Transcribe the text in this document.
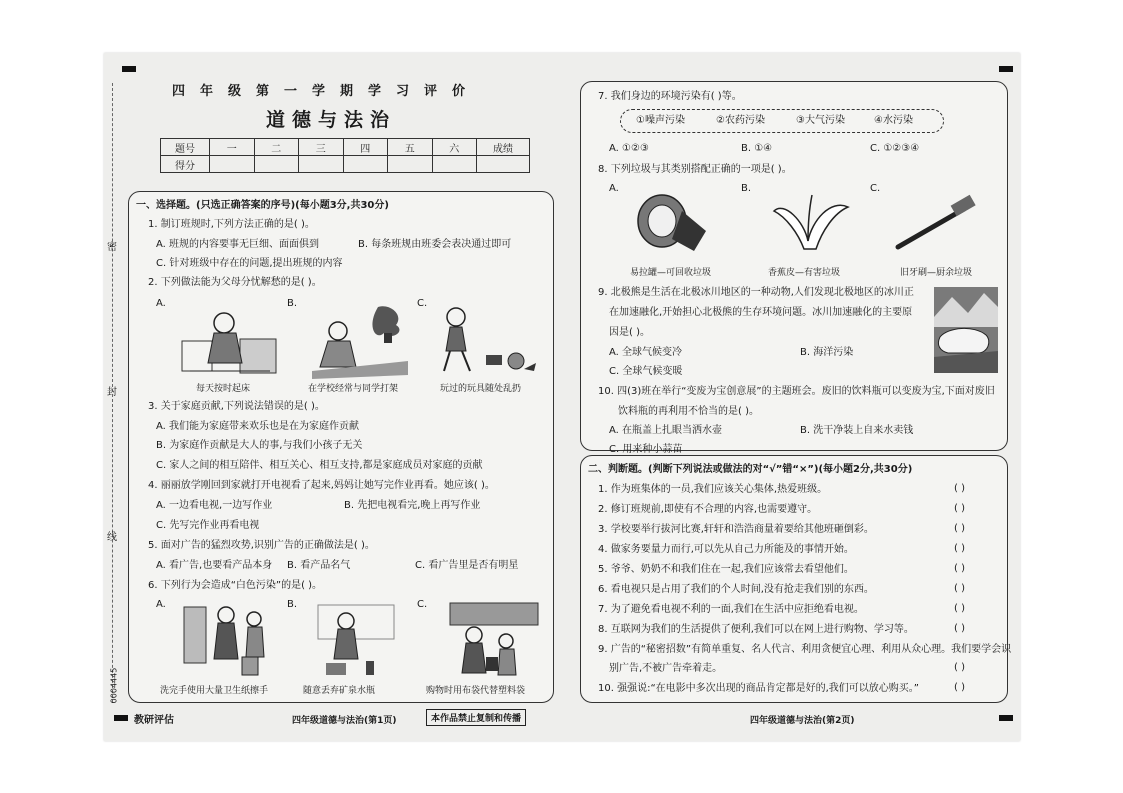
密
封
线
0004445
四年级第一学期学习评价
道德与法治
题号	一	二	三	四	五	六	成绩
得分							
一、选择题。(只选正确答案的序号)(每小题3分,共30分)
1. 制订班规时,下列方法正确的是( )。
A. 班规的内容要事无巨细、面面俱到	B. 每条班规由班委会表决通过即可
C. 针对班级中存在的问题,提出班规的内容
2. 下列做法能为父母分忧解愁的是( )。
A.	B.	C.
每天按时起床	在学校经常与同学打架	玩过的玩具随处乱扔
3. 关于家庭贡献,下列说法错误的是( )。
A. 我们能为家庭带来欢乐也是在为家庭作贡献
B. 为家庭作贡献是大人的事,与我们小孩子无关
C. 家人之间的相互陪伴、相互关心、相互支持,都是家庭成员对家庭的贡献
4. 丽丽放学刚回到家就打开电视看了起来,妈妈让她写完作业再看。她应该( )。
A. 一边看电视,一边写作业	B. 先把电视看完,晚上再写作业
C. 先写完作业再看电视
5. 面对广告的猛烈攻势,识别广告的正确做法是( )。
A. 看广告,也要看产品本身 B. 看产品名气	C. 看广告里是否有明星
6. 下列行为会造成“白色污染”的是( )。
A.	B.	C.
洗完手使用大量卫生纸擦手	随意丢弃矿泉水瓶	购物时用布袋代替塑料袋
教研评估	四年级道德与法治(第1页)	本作品禁止复制和传播
7. 我们身边的环境污染有( )等。
①噪声污染	②农药污染	③大气污染	④水污染
A. ①②③	B. ①④	C. ①②③④
8. 下列垃圾与其类别搭配正确的一项是( )。
A.	B.	C.
易拉罐—可回收垃圾	香蕉皮—有害垃圾	旧牙刷—厨余垃圾
9. 北极熊是生活在北极冰川地区的一种动物,人们发现北极地区的冰川正
在加速融化,开始担心北极熊的生存环境问题。冰川加速融化的主要原
因是( )。
A. 全球气候变冷	B. 海洋污染
C. 全球气候变暖
10. 四(3)班在举行“变废为宝创意展”的主题班会。废旧的饮料瓶可以变废为宝,下面对废旧
饮料瓶的再利用不恰当的是( )。
A. 在瓶盖上扎眼当洒水壶	B. 洗干净装上自来水卖钱
C. 用来种小蒜苗
二、判断题。(判断下列说法或做法的对“√”错“×”)(每小题2分,共30分)
1. 作为班集体的一员,我们应该关心集体,热爱班级。	( )
2. 修订班规前,即使有不合理的内容,也需要遵守。	( )
3. 学校要举行拔河比赛,轩轩和浩浩商量着要给其他班砸倒彩。	( )
4. 做家务要量力而行,可以先从自己力所能及的事情开始。	( )
5. 爷爷、奶奶不和我们住在一起,我们应该常去看望他们。	( )
6. 看电视只是占用了我们的个人时间,没有抢走我们别的东西。	( )
7. 为了避免看电视不利的一面,我们在生活中应拒绝看电视。	( )
8. 互联网为我们的生活提供了便利,我们可以在网上进行购物、学习等。	( )
9. 广告的“秘密招数”有简单重复、名人代言、利用贪便宜心理、利用从众心理。我们要学会识
别广告,不被广告牵着走。	( )
10. 强强说:“在电影中多次出现的商品肯定都是好的,我们可以放心购买。”	( )
四年级道德与法治(第2页)
